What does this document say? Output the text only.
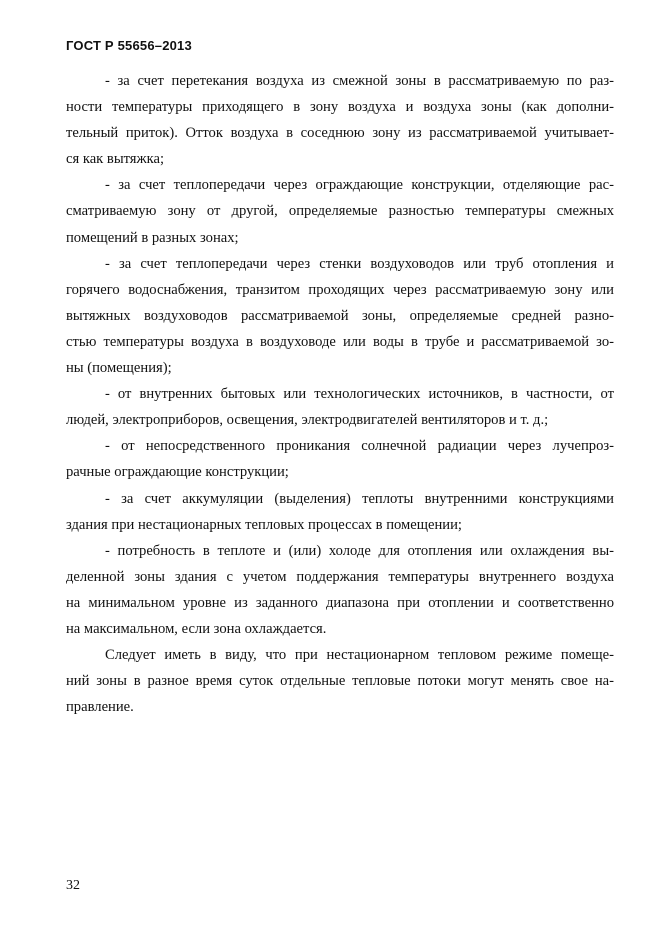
ГОСТ Р 55656–2013
- за счет перетекания воздуха из смежной зоны в рассматриваемую по раз-
ности температуры приходящего в зону воздуха и воздуха зоны (как дополни-
тельный приток). Отток воздуха в соседнюю зону из рассматриваемой учитывает-
ся как вытяжка;
- за счет теплопередачи через ограждающие конструкции, отделяющие рас-
сматриваемую зону от другой, определяемые разностью температуры смежных
помещений в разных зонах;
- за счет теплопередачи через стенки воздуховодов или труб отопления и
горячего водоснабжения, транзитом проходящих через рассматриваемую зону или
вытяжных воздуховодов рассматриваемой зоны, определяемые средней разно-
стью температуры воздуха в воздуховоде или воды в трубе и рассматриваемой зо-
ны (помещения);
- от внутренних бытовых или технологических источников, в частности, от
людей, электроприборов, освещения, электродвигателей вентиляторов и т. д.;
- от непосредственного проникания солнечной радиации через лучепроз-
рачные ограждающие конструкции;
- за счет аккумуляции (выделения) теплоты внутренними конструкциями
здания при нестационарных тепловых процессах в помещении;
- потребность в теплоте и (или) холоде для отопления или охлаждения вы-
деленной зоны здания с учетом поддержания температуры внутреннего воздуха
на минимальном уровне из заданного диапазона при отоплении и соответственно
на максимальном, если зона охлаждается.
Следует иметь в виду, что при нестационарном тепловом режиме помеще-
ний зоны в разное время суток отдельные тепловые потоки могут менять свое на-
правление.
32
